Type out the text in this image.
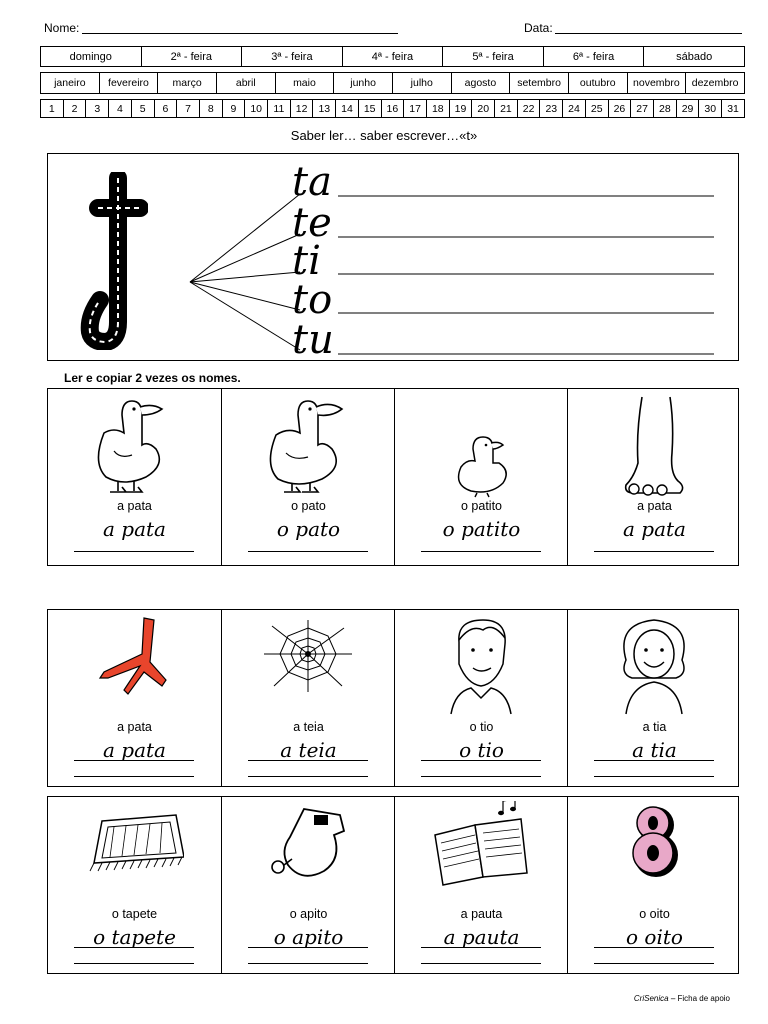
Nome:	Data:
domingo	2ª - feira	3ª - feira	4ª - feira	5ª - feira	6ª - feira	sábado
janeiro	fevereiro	março	abril	maio	junho	julho	agosto	setembro	outubro	novembro	dezembro
1	2	3	4	5	6	7	8	9	10	11	12	13	14	15	16	17	18	19	20	21	22	23	24	25	26	27	28	29	30	31
Saber ler… saber escrever…«t»
ta
te
ti
to
tu
Ler e copiar 2 vezes os nomes.
a pata
a pata
o pato
o pato
o patito
o patito
a pata
a pata
a pata
a pata
a teia
a teia
o tio
o tio
a tia
a tia
o tapete
o tapete
o apito
o apito
a pauta
a pauta
o oito
o oito
CriSenica – Ficha de apoio
